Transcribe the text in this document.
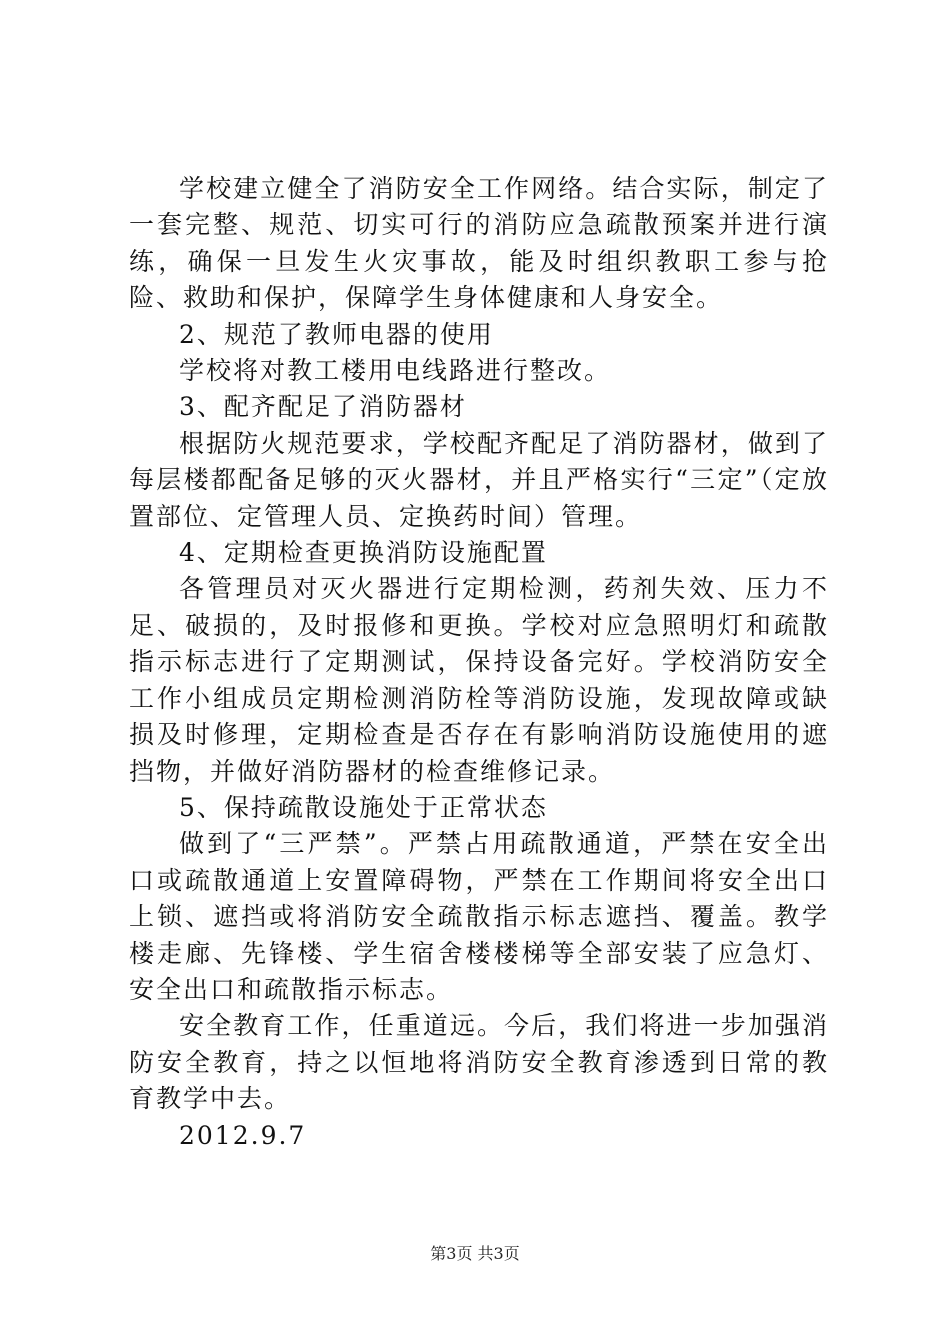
学校建立健全了消防安全工作网络。结合实际，制定了一套完整、规范、切实可行的消防应急疏散预案并进行演练，确保一旦发生火灾事故，能及时组织教职工参与抢险、救助和保护，保障学生身体健康和人身安全。

2、规范了教师电器的使用

学校将对教工楼用电线路进行整改。

3、配齐配足了消防器材

根据防火规范要求，学校配齐配足了消防器材，做到了每层楼都配备足够的灭火器材，并且严格实行“三定”（定放置部位、定管理人员、定换药时间）管理。

4、定期检查更换消防设施配置

各管理员对灭火器进行定期检测，药剂失效、压力不足、破损的，及时报修和更换。学校对应急照明灯和疏散指示标志进行了定期测试，保持设备完好。学校消防安全工作小组成员定期检测消防栓等消防设施，发现故障或缺损及时修理，定期检查是否存在有影响消防设施使用的遮挡物，并做好消防器材的检查维修记录。

5、保持疏散设施处于正常状态

做到了“三严禁”。严禁占用疏散通道，严禁在安全出口或疏散通道上安置障碍物，严禁在工作期间将安全出口上锁、遮挡或将消防安全疏散指示标志遮挡、覆盖。教学楼走廊、先锋楼、学生宿舍楼楼梯等全部安装了应急灯、安全出口和疏散指示标志。

安全教育工作，任重道远。今后，我们将进一步加强消防安全教育，持之以恒地将消防安全教育渗透到日常的教育教学中去。

2012.9.7

第3页 共3页
